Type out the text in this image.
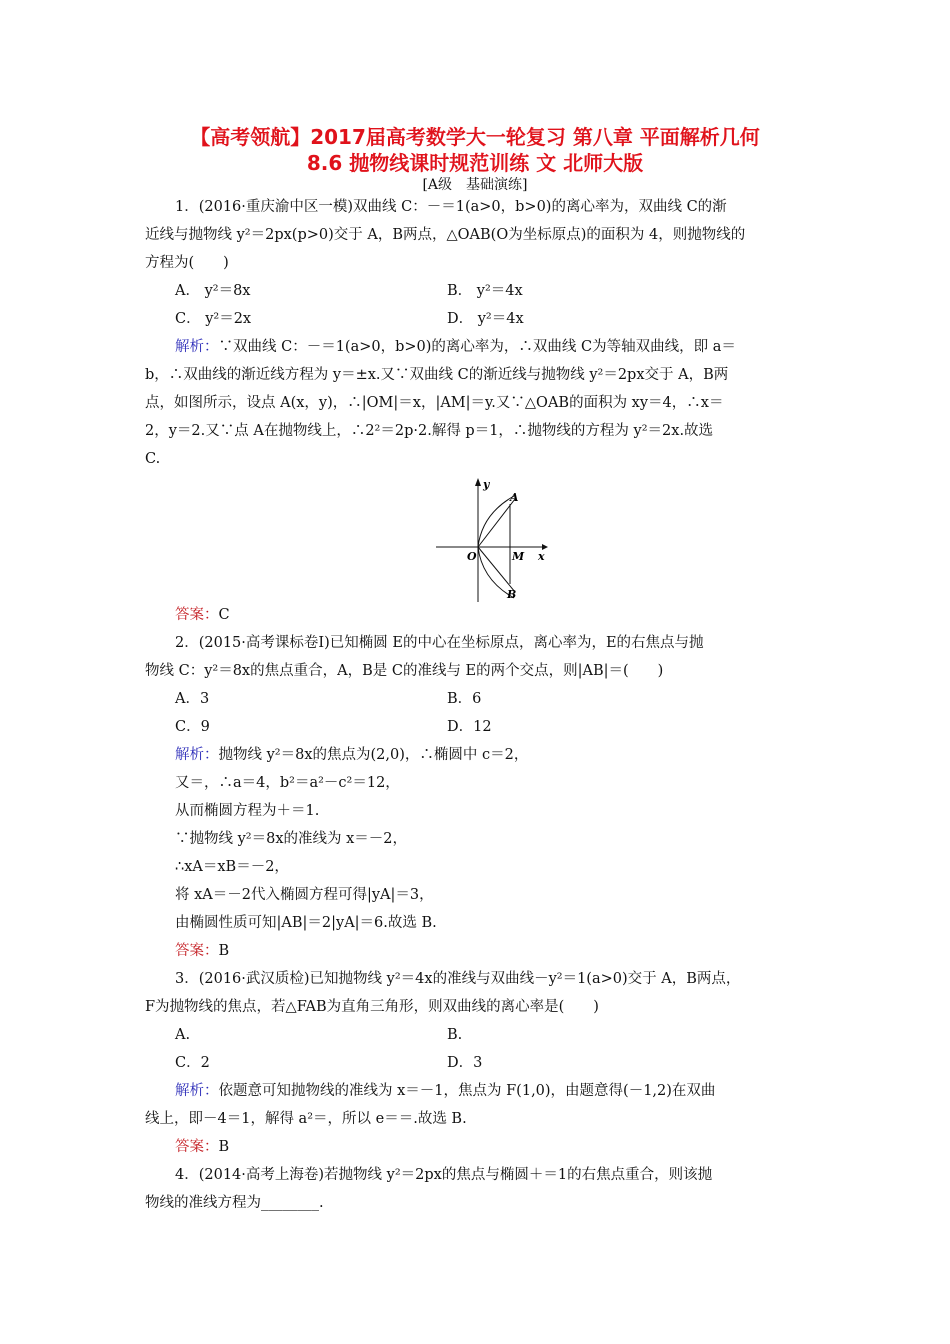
【高考领航】2017届高考数学大一轮复习 第八章 平面解析几何
8.6 抛物线课时规范训练 文 北师大版
[A级　基础演练]
1．(2016·重庆渝中区一模)双曲线 C：－＝1(a>0，b>0)的离心率为，双曲线 C的渐
近线与抛物线 y²＝2px(p>0)交于 A，B两点，△OAB(O为坐标原点)的面积为 4，则抛物线的
方程为(　　)
A． y²＝8x	B． y²＝4x
C． y²＝2x	D． y²＝4x
解析：∵双曲线 C：－＝1(a>0，b>0)的离心率为，∴双曲线 C为等轴双曲线，即 a＝
b，∴双曲线的渐近线方程为 y＝±x.又∵双曲线 C的渐近线与抛物线 y²＝2px交于 A，B两
点，如图所示，设点 A(x，y)，∴|OM|＝x，|AM|＝y.又∵△OAB的面积为 xy＝4，∴x＝
2，y＝2.又∵点 A在抛物线上，∴2²＝2p·2.解得 p＝1，∴抛物线的方程为 y²＝2x.故选
C.
y
A
O	M x
B
答案：C
2．(2015·高考课标卷Ⅰ)已知椭圆 E的中心在坐标原点，离心率为，E的右焦点与抛
物线 C：y²＝8x的焦点重合，A，B是 C的准线与 E的两个交点，则|AB|＝(　　)
A．3	B．6
C．9	D．12
解析：抛物线 y²＝8x的焦点为(2,0)，∴椭圆中 c＝2，
又＝，∴a＝4，b²＝a²－c²＝12，
从而椭圆方程为＋＝1.
∵抛物线 y²＝8x的准线为 x＝－2，
∴xA＝xB＝－2，
将 xA＝－2代入椭圆方程可得|yA|＝3，
由椭圆性质可知|AB|＝2|yA|＝6.故选 B.
答案：B
3．(2016·武汉质检)已知抛物线 y²＝4x的准线与双曲线－y²＝1(a>0)交于 A，B两点，
F为抛物线的焦点，若△FAB为直角三角形，则双曲线的离心率是(　　)
A.	B.
C．2	D．3
解析：依题意可知抛物线的准线为 x＝－1，焦点为 F(1,0)，由题意得(－1,2)在双曲
线上，即－4＝1，解得 a²＝，所以 e＝＝.故选 B.
答案：B
4．(2014·高考上海卷)若抛物线 y²＝2px的焦点与椭圆＋＝1的右焦点重合，则该抛
物线的准线方程为________.
